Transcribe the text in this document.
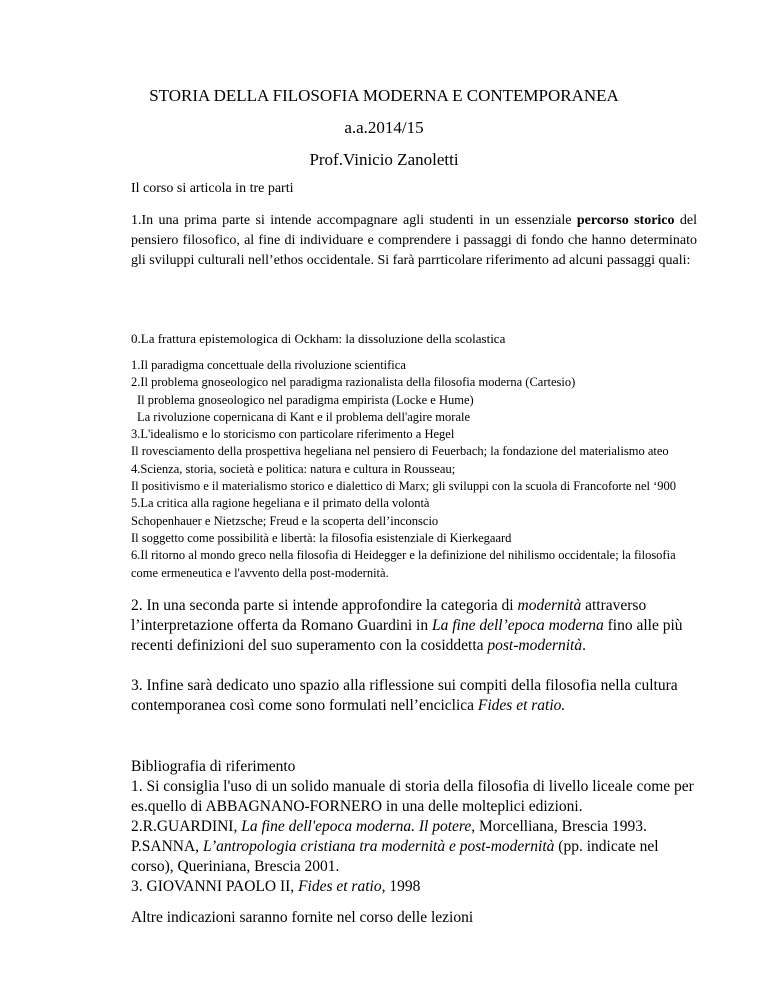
STORIA DELLA FILOSOFIA MODERNA E CONTEMPORANEA

a.a.2014/15

Prof.Vinicio Zanoletti

Il corso si articola in tre parti

1.In una prima parte si intende accompagnare agli studenti in un essenziale percorso storico del pensiero filosofico, al fine di individuare e comprendere i passaggi di fondo che hanno determinato gli sviluppi culturali nell’ethos occidentale. Si farà parrticolare riferimento ad alcuni passaggi quali:

0.La frattura epistemologica di Ockham: la dissoluzione della scolastica

1.Il paradigma concettuale della rivoluzione scientifica
2.Il problema gnoseologico nel paradigma razionalista della filosofia moderna (Cartesio)
Il problema gnoseologico nel paradigma empirista (Locke e Hume)
La rivoluzione copernicana di Kant e il problema dell'agire morale
3.L'idealismo e lo storicismo con particolare riferimento a Hegel
Il rovesciamento della prospettiva hegeliana nel pensiero di Feuerbach; la fondazione del materialismo ateo
4.Scienza, storia, società e politica: natura e cultura in Rousseau;
Il positivismo e il materialismo storico e dialettico di Marx; gli sviluppi con la scuola di Francoforte nel ‘900
5.La critica alla ragione hegeliana e il primato della volontà
Schopenhauer e Nietzsche; Freud e la scoperta dell’inconscio
Il soggetto come possibilità e libertà: la filosofia esistenziale di Kierkegaard
6.Il ritorno al mondo greco nella filosofia di Heidegger e la definizione del nihilismo occidentale; la filosofia come ermeneutica e l'avvento della post-modernità.

2. In una seconda parte si intende approfondire la categoria di modernità attraverso l’interpretazione offerta da Romano Guardini in La fine dell’epoca moderna fino alle più recenti definizioni del suo superamento con la cosiddetta post-modernità.

3. Infine sarà dedicato uno spazio alla riflessione sui compiti della filosofia nella cultura contemporanea così come sono formulati nell’enciclica Fides et ratio.

Bibliografia di riferimento
1. Si consiglia l'uso di un solido manuale di storia della filosofia di livello liceale come per es.quello di ABBAGNANO-FORNERO in una delle molteplici edizioni.
2.R.GUARDINI, La fine dell'epoca moderna. Il potere, Morcelliana, Brescia 1993.
P.SANNA, L’antropologia cristiana tra modernità e post-modernità (pp. indicate nel corso), Queriniana, Brescia 2001.
3. GIOVANNI PAOLO II, Fides et ratio, 1998

Altre indicazioni saranno fornite nel corso delle lezioni
